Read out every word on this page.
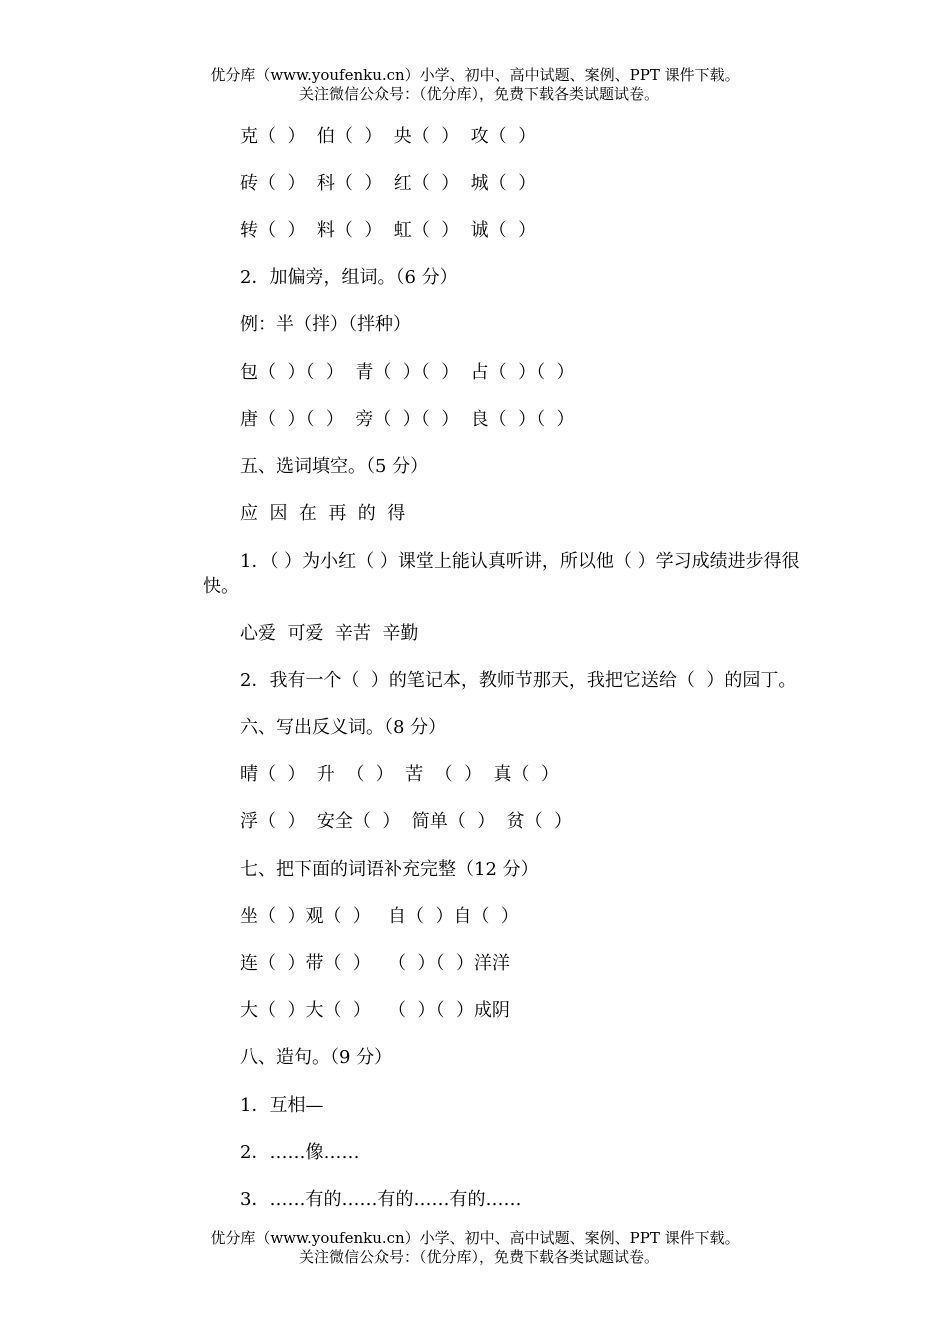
优分库（www.youfenku.cn）小学、初中、高中试题、案例、PPT 课件下载。
关注微信公众号：（优分库），免费下载各类试题试卷。
克（  ）  伯（  ）  央（  ）  攻（  ）
砖（  ）  科（  ）  红（  ）  城（  ）
转（  ）  料（  ）  虹（  ）  诚（  ）
2．加偏旁，组词。（6 分）
例：半（拌）（拌种）
包（  ）（  ）  青（  ）（  ）  占（  ）（  ）
唐（  ）（  ）  旁（  ）（  ）  良（  ）（  ）
五、选词填空。（5 分）
应  因  在  再  的  得
1．（ ）为小红（ ）课堂上能认真听讲，所以他（ ）学习成绩进步得很快。
心爱  可爱  辛苦  辛勤
2．我有一个（  ）的笔记本，教师节那天，我把它送给（  ）的园丁。
六、写出反义词。（8 分）
晴（  ）  升  （  ）  苦  （  ）  真（  ）
浮（  ）  安全（  ）  简单（  ）  贫（  ）
七、把下面的词语补充完整（12 分）
坐（  ）观（  ）   自（  ）自（  ）
连（  ）带（  ）   （  ）（  ）洋洋
大（  ）大（  ）   （  ）（  ）成阴
八、造句。（9 分）
1．互相—
2．……像……
3．……有的……有的……有的……
优分库（www.youfenku.cn）小学、初中、高中试题、案例、PPT 课件下载。
关注微信公众号：（优分库），免费下载各类试题试卷。
